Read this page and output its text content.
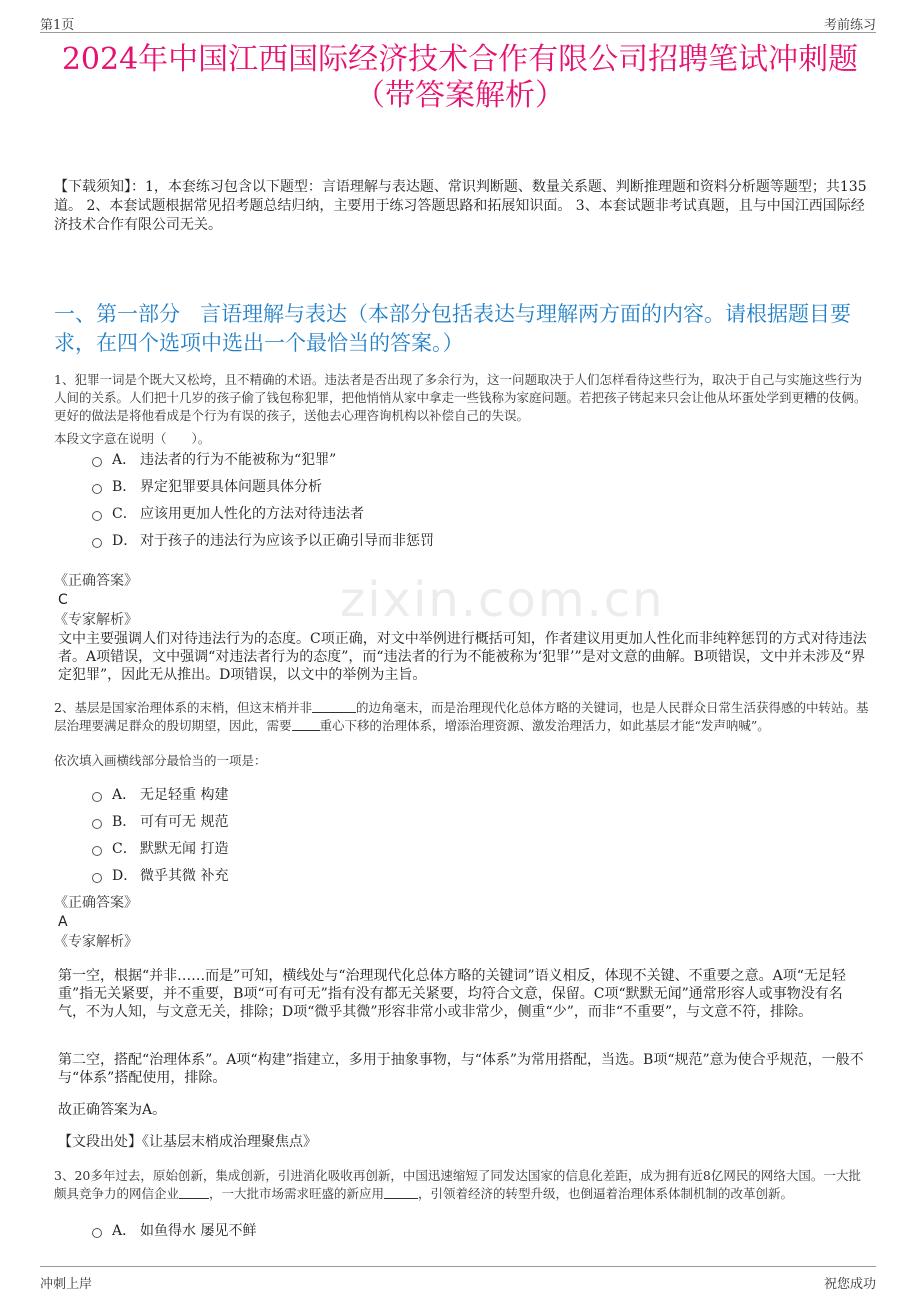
第1页	考前练习
2024年中国江西国际经济技术合作有限公司招聘笔试冲刺题
（带答案解析）
【下载须知】：1，本套练习包含以下题型：言语理解与表达题、常识判断题、数量关系题、判断推理题和资料分析题等题型；共135道。 2、本套试题根据常见招考题总结归纳，主要用于练习答题思路和拓展知识面。 3、本套试题非考试真题，且与中国江西国际经济技术合作有限公司无关。
一、第一部分 言语理解与表达（本部分包括表达与理解两方面的内容。请根据题目要求，在四个选项中选出一个最恰当的答案。）
zixin.com.cn
1、犯罪一词是个既大又松垮，且不精确的术语。违法者是否出现了多余行为，这一问题取决于人们怎样看待这些行为，取决于自己与实施这些行为人间的关系。人们把十几岁的孩子偷了钱包称犯罪，把他悄悄从家中拿走一些钱称为家庭问题。若把孩子铐起来只会让他从坏蛋处学到更糟的伎俩。更好的做法是将他看成是个行为有误的孩子，送他去心理咨询机构以补偿自己的失误。
本段文字意在说明（　　）。
A． 违法者的行为不能被称为“犯罪”
B． 界定犯罪要具体问题具体分析
C． 应该用更加人性化的方法对待违法者
D． 对于孩子的违法行为应该予以正确引导而非惩罚
《正确答案》
C
《专家解析》
文中主要强调人们对待违法行为的态度。C项正确，对文中举例进行概括可知，作者建议用更加人性化而非纯粹惩罚的方式对待违法者。A项错误，文中强调“对违法者行为的态度”，而“违法者的行为不能被称为‘犯罪’”是对文意的曲解。B项错误，文中并未涉及“界定犯罪”，因此无从推出。D项错误，以文中的举例为主旨。
2、基层是国家治理体系的末梢，但这末梢并非	的边角毫末，而是治理现代化总体方略的关键词，也是人民群众日常生活获得感的中转站。基层治理要满足群众的殷切期望，因此，需要 重心下移的治理体系，增添治理资源、激发治理活力，如此基层才能“发声呐喊”。
依次填入画横线部分最恰当的一项是：
A． 无足轻重 构建
B． 可有可无 规范
C． 默默无闻 打造
D． 微乎其微 补充
《正确答案》
A
《专家解析》
第一空，根据“并非……而是”可知，横线处与“治理现代化总体方略的关键词”语义相反，体现不关键、不重要之意。A项“无足轻重”指无关紧要，并不重要，B项“可有可无”指有没有都无关紧要，均符合文意，保留。C项“默默无闻”通常形容人或事物没有名气，不为人知，与文意无关，排除；D项“微乎其微”形容非常小或非常少，侧重“少”，而非“不重要”，与文意不符，排除。
第二空，搭配“治理体系”。A项“构建”指建立，多用于抽象事物，与“体系”为常用搭配，当选。B项“规范”意为使合乎规范，一般不与“体系”搭配使用，排除。
故正确答案为A。
【文段出处】《让基层末梢成治理聚焦点》
3、20多年过去，原始创新，集成创新，引进消化吸收再创新，中国迅速缩短了同发达国家的信息化差距，成为拥有近8亿网民的网络大国。一大批颇具竞争力的网信企业 ，一大批市场需求旺盛的新应用	，引领着经济的转型升级，也倒逼着治理体系体制机制的改革创新。
A． 如鱼得水 屡见不鲜
冲刺上岸	祝您成功
